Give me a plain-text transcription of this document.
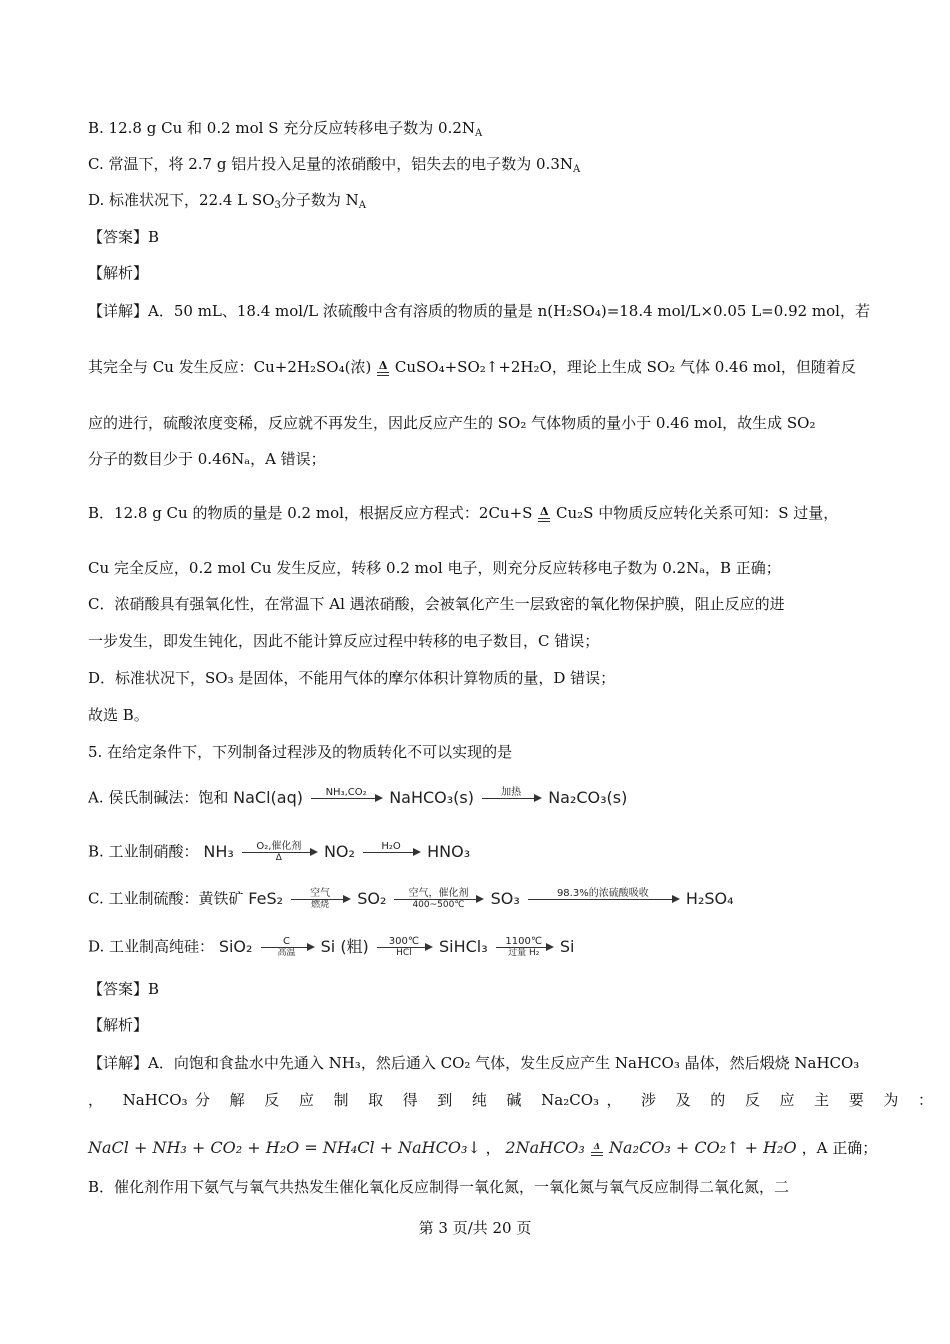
B. 12.8 g Cu 和 0.2 mol S 充分反应转移电子数为 $0.2N_A$
C. 常温下，将 2.7 g 铝片投入足量的浓硝酸中，铝失去的电子数为 $0.3N_A$
D. 标准状况下，22.4 L $SO_3$分子数为 $N_A$
【答案】B
【解析】
【详解】A．50 mL、18.4 mol/L 浓硫酸中含有溶质的物质的量是 n(H₂SO₄)=18.4 mol/L×0.05 L=0.92 mol，若
其完全与 Cu 发生反应：Cu+2H₂SO₄(浓) Δ CuSO₄+SO₂↑+2H₂O，理论上生成 SO₂ 气体 0.46 mol，但随着反
应的进行，硫酸浓度变稀，反应就不再发生，因此反应产生的 SO₂ 气体物质的量小于 0.46 mol，故生成 SO₂
分子的数目少于 0.46Nₐ，A 错误；
B．12.8 g Cu 的物质的量是 0.2 mol，根据反应方程式：2Cu+S Δ Cu₂S 中物质反应转化关系可知：S 过量，
Cu 完全反应，0.2 mol Cu 发生反应，转移 0.2 mol 电子，则充分反应转移电子数为 0.2Nₐ，B 正确；
C．浓硝酸具有强氧化性，在常温下 Al 遇浓硝酸，会被氧化产生一层致密的氧化物保护膜，阻止反应的进
一步发生，即发生钝化，因此不能计算反应过程中转移的电子数目，C 错误；
D．标准状况下，SO₃ 是固体，不能用气体的摩尔体积计算物质的量，D 错误；
故选 B。
5. 在给定条件下，下列制备过程涉及的物质转化不可以实现的是
A. 侯氏制碱法：饱和 NaCl(aq)	NH₃,CO₂
	NaHCO₃(s)	加热
	Na₂CO₃(s)
B. 工业制硝酸： NH₃	O₂,催化剂
Δ	NO₂	H₂O
	HNO₃
C. 工业制硫酸：黄铁矿 FeS₂	空气
燃烧	SO₂	空气，催化剂
400~500℃	SO₃	98.3%的浓硫酸吸收
	H₂SO₄
D. 工业制高纯硅： SiO₂	C
高温	Si (粗)	300℃
HCl	SiHCl₃	1100℃
过量 H₂	Si
【答案】B
【解析】
【详解】A．向饱和食盐水中先通入 NH₃，然后通入 CO₂ 气体，发生反应产生 NaHCO₃ 晶体，然后煅烧 NaHCO₃
， NaHCO₃分 解 反 应 制 取 得 到 纯 碱 Na₂CO₃， 涉 及 的 反 应 主 要 为 ：
NaCl + NH₃ + CO₂ + H₂O = NH₄Cl + NaHCO₃↓ ， 2NaHCO₃	Δ Na₂CO₃ + CO₂↑ + H₂O ，A 正确；
B．催化剂作用下氨气与氧气共热发生催化氧化反应制得一氧化氮，一氧化氮与氧气反应制得二氧化氮，二
第 3 页/共 20 页
